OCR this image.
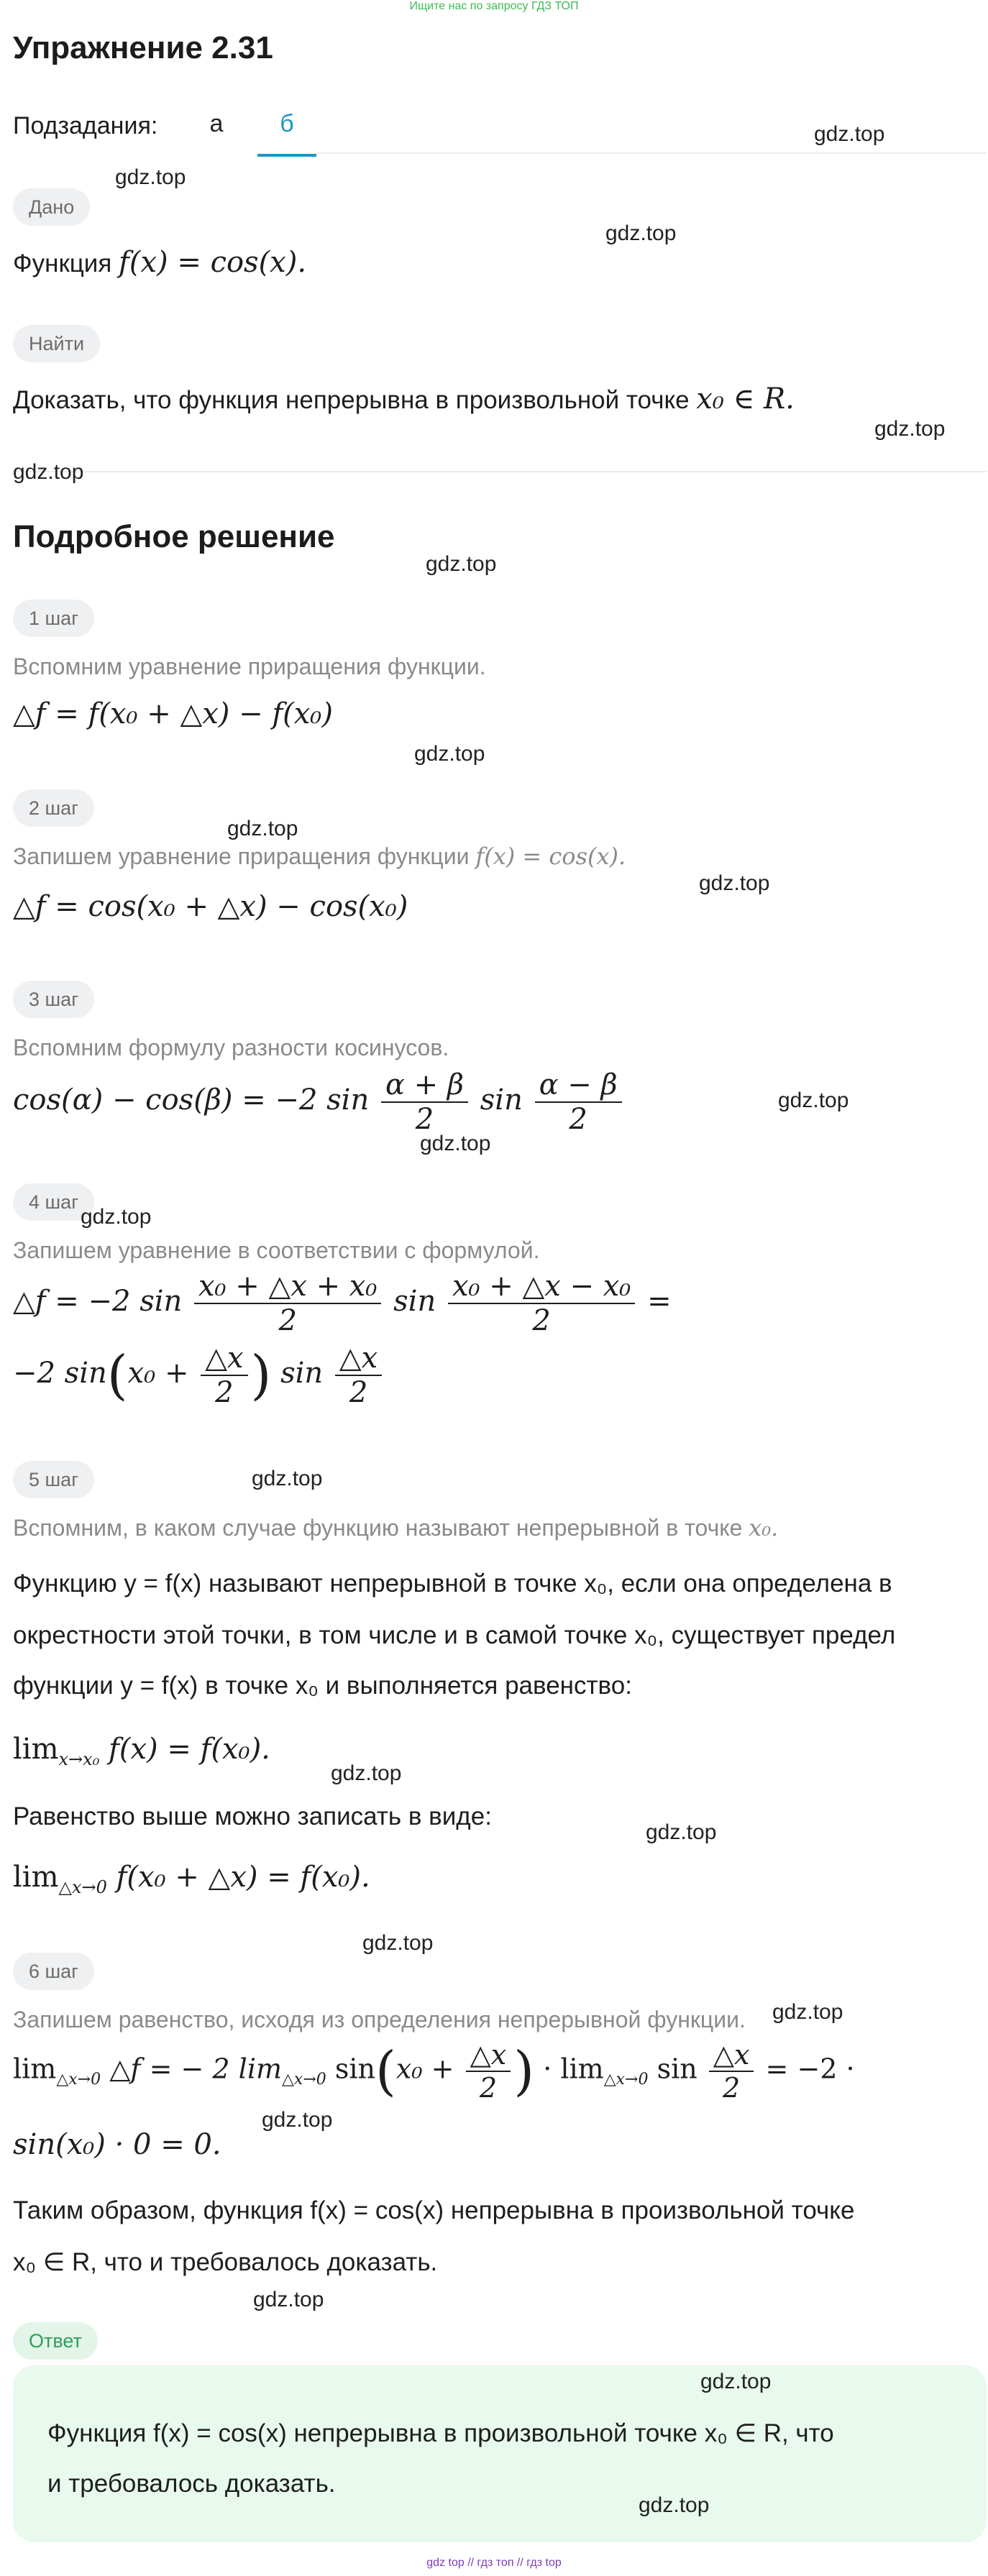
Ищите нас по запросу ГДЗ ТОП
Упражнение 2.31
Подзадания:	а	б
Дано
Функция f(x) = cos(x).
Найти
Доказать, что функция непрерывна в произвольной точке x₀ ∈ R.
Подробное решение
1 шаг
Вспомним уравнение приращения функции.
△f = f(x₀ + △x) − f(x₀)
2 шаг
Запишем уравнение приращения функции f(x) = cos(x).
△f = cos(x₀ + △x) − cos(x₀)
3 шаг
Вспомним формулу разности косинусов.
cos(α) − cos(β) = −2 $\sin \frac{\alpha + \beta}{2}$ $\sin \frac{\alpha - \beta}{2}$
4 шаг
Запишем уравнение в соответствии с формулой.
△f = −2 $\sin \frac{\text{x₀ + △x + x₀}}{2}$ $\sin \frac{\text{x₀ + △x − x₀}}{2}$ =
−2 $\sin(x_0 + \frac{\triangle x}{2}$ ) $\sin \frac{\triangle x}{2}$
5 шаг
Вспомним, в каком случае функцию называют непрерывной в точке x₀.
Функцию y = f(x) называют непрерывной в точке x₀, если она определена в
окрестности этой точки, в том числе и в самой точке x₀, существует предел
функции y = f(x) в точке x₀ и выполняется равенство:
$\lim_{x\to x_0} f(x) = f(x_0)$.
Равенство выше можно записать в виде:
$\lim_{\triangle x\to 0} f(x_0$ + △x) = f(x₀).
6 шаг
Запишем равенство, исходя из определения непрерывной функции.
$\lim_{\triangle x\to 0}$ △f = − 2 $\lim_{\triangle x\to 0} \sin(x_0 + \frac{\triangle x}{2}$ ) · $\lim_{\triangle x\to 0} \sin \frac{\triangle x}{2} = -2$ ·
sin(x₀) · 0 = 0.
Таким образом, функция f(x) = cos(x) непрерывна в произвольной точке
x₀ ∈ R, что и требовалось доказать.
Ответ
Функция f(x) = cos(x) непрерывна в произвольной точке x₀ ∈ R, что
и требовалось доказать.
gdz.top
gdz.top
gdz.top
gdz.top
gdz.top
gdz.top
gdz.top
gdz.top
gdz.top
gdz.top
gdz.top
gdz.top
gdz.top
gdz.top
gdz.top
gdz.top
gdz.top
gdz.top
gdz.top
gdz.top
gdz.top
gdz top // гдз топ // гдз top
